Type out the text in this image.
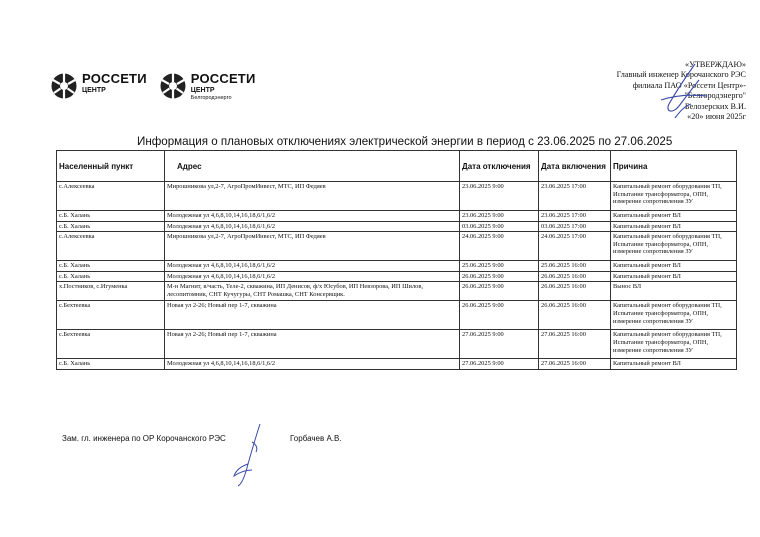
РОССЕТИ
ЦЕНТР
РОССЕТИ
ЦЕНТР
Белгородэнерго
«УТВЕРЖДАЮ»
Главный инженер Корочанского РЭС
филиала ПАО «Россети Центр»-
"Белгородэнерго"
Белозерских В.И.
«20» июня 2025г
Информация о плановых отключениях электрической энергии в период с 23.06.2025 по 27.06.2025
Населенный пункт	Адрес	Дата отключения	Дата включения	Причина
с.Алексеевка	Мирошникова ул,2-7, АгроПромИнвест, МТС, ИП Федяев	23.06.2025 9:00	23.06.2025 17:00	Капитальный ремонт оборудования ТП, Испытание трансформатора, ОПН, измерение сопротивления ЗУ
с.Б. Халань	Молодежная ул 4,6,8,10,14,16,18,6/1,6/2	23.06.2025 9:00	23.06.2025 17:00	Капитальный ремонт ВЛ
с.Б. Халань	Молодежная ул 4,6,8,10,14,16,18,6/1,6/2	03.06.2025 9:00	03.06.2025 17:00	Капитальный ремонт ВЛ
с.Алексеевка	Мирошникова ул,2-7, АгроПромИнвест, МТС, ИП Федяев	24.06.2025 9:00	24.06.2025 17:00	Капитальный ремонт оборудования ТП, Испытание трансформатора, ОПН, измерение сопротивления ЗУ
с.Б. Халань	Молодежная ул 4,6,8,10,14,16,18,6/1,6/2	25.06.2025 9:00	25.06.2025 16:00	Капитальный ремонт ВЛ
с.Б. Халань	Молодежная ул 4,6,8,10,14,16,18,6/1,6/2	26.06.2025 9:00	26.06.2025 16:00	Капитальный ремонт ВЛ
х.Постников, с.Игуменка	М-н Магнит, в/часть, Теле-2, скважина, ИП Денисов, ф/х Юсубов, ИП Невзорова, ИП Шилов, лесопитомник, СНТ Кучугуры, СНТ Ромашка, СНТ Консервщик.	26.06.2025 9:00	26.06.2025 16:00	Вынос ВЛ
с.Бехтеевка	Новая ул 2-26; Новый пер 1-7, скважина	26.06.2025 9:00	26.06.2025 16:00	Капитальный ремонт оборудования ТП, Испытание трансформатора, ОПН, измерение сопротивления ЗУ
с.Бехтеевка	Новая ул 2-26; Новый пер 1-7, скважина	27.06.2025 9:00	27.06.2025 16:00	Капитальный ремонт оборудования ТП, Испытание трансформатора, ОПН, измерение сопротивления ЗУ
с.Б. Халань	Молодежная ул 4,6,8,10,14,16,18,6/1,6/2	27.06.2025 9:00	27.06.2025 16:00	Капитальный ремонт ВЛ
Зам. гл. инженера по ОР Корочанского РЭС	Горбачев А.В.
